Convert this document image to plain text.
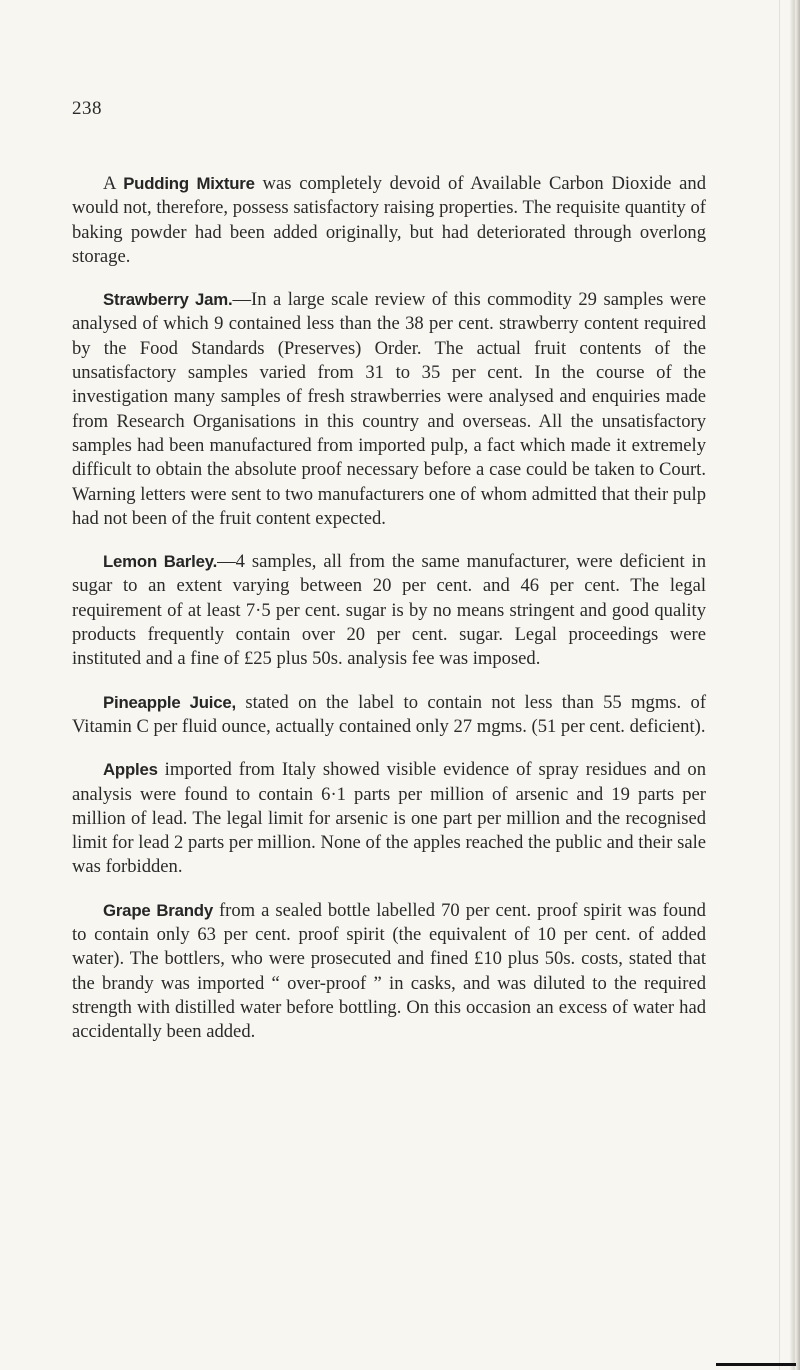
238

A Pudding Mixture was completely devoid of Available Carbon Dioxide and would not, therefore, possess satisfactory raising properties. The requisite quantity of baking powder had been added originally, but had deteriorated through overlong storage.

Strawberry Jam.—In a large scale review of this commodity 29 samples were analysed of which 9 contained less than the 38 per cent. strawberry content required by the Food Standards (Preserves) Order. The actual fruit contents of the unsatisfactory samples varied from 31 to 35 per cent. In the course of the investigation many samples of fresh strawberries were analysed and enquiries made from Research Organisations in this country and overseas. All the unsatisfactory samples had been manufactured from imported pulp, a fact which made it extremely difficult to obtain the absolute proof necessary before a case could be taken to Court. Warning letters were sent to two manufacturers one of whom admitted that their pulp had not been of the fruit content expected.

Lemon Barley.—4 samples, all from the same manufacturer, were deficient in sugar to an extent varying between 20 per cent. and 46 per cent. The legal requirement of at least 7·5 per cent. sugar is by no means stringent and good quality products frequently contain over 20 per cent. sugar. Legal proceedings were instituted and a fine of £25 plus 50s. analysis fee was imposed.

Pineapple Juice, stated on the label to contain not less than 55 mgms. of Vitamin C per fluid ounce, actually contained only 27 mgms. (51 per cent. deficient).

Apples imported from Italy showed visible evidence of spray residues and on analysis were found to contain 6·1 parts per million of arsenic and 19 parts per million of lead. The legal limit for arsenic is one part per million and the recognised limit for lead 2 parts per million. None of the apples reached the public and their sale was forbidden.

Grape Brandy from a sealed bottle labelled 70 per cent. proof spirit was found to contain only 63 per cent. proof spirit (the equivalent of 10 per cent. of added water). The bottlers, who were prosecuted and fined £10 plus 50s. costs, stated that the brandy was imported “ over-proof ” in casks, and was diluted to the required strength with distilled water before bottling. On this occasion an excess of water had accidentally been added.
